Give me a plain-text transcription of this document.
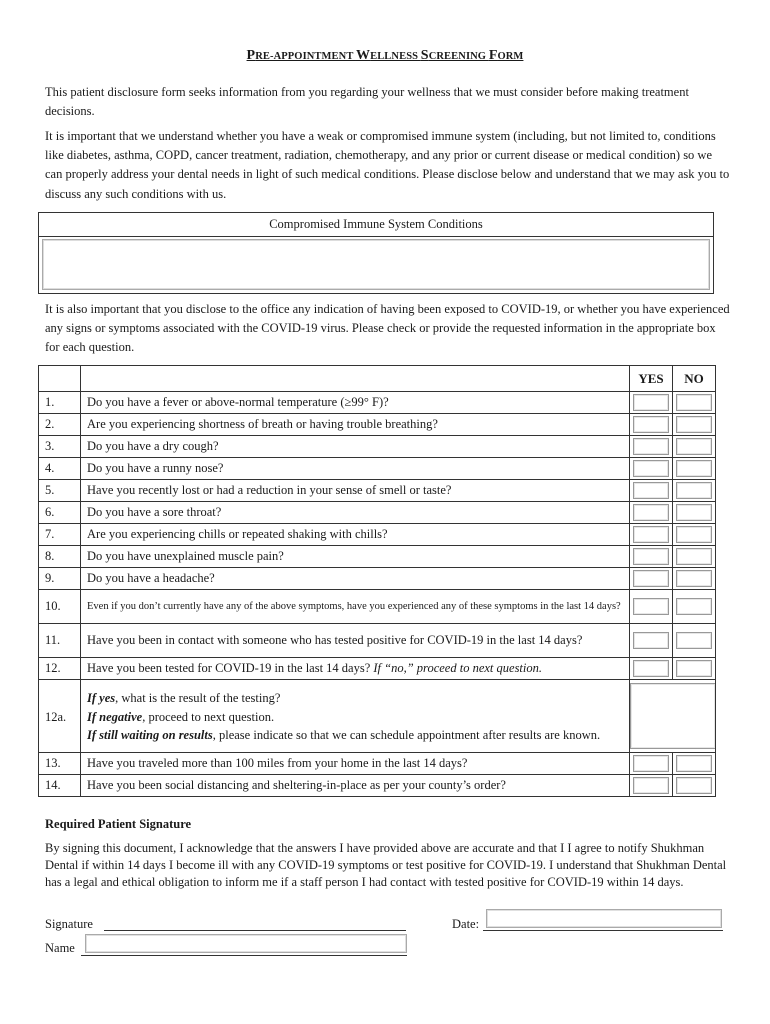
PRE-APPOINTMENT WELLNESS SCREENING FORM

This patient disclosure form seeks information from you regarding your wellness that we must consider before making treatment decisions.

It is important that we understand whether you have a weak or compromised immune system (including, but not limited to, conditions like diabetes, asthma, COPD, cancer treatment, radiation, chemotherapy, and any prior or current disease or medical condition) so we can properly address your dental needs in light of such medical conditions. Please disclose below and understand that we may ask you to discuss any such conditions with us.

Compromised Immune System Conditions

It is also important that you disclose to the office any indication of having been exposed to COVID-19, or whether you have experienced any signs or symptoms associated with the COVID-19 virus. Please check or provide the requested information in the appropriate box for each question.

		YES	NO
1.	Do you have a fever or above-normal temperature (≥99° F)?		
2.	Are you experiencing shortness of breath or having trouble breathing?		
3.	Do you have a dry cough?		
4.	Do you have a runny nose?		
5.	Have you recently lost or had a reduction in your sense of smell or taste?		
6.	Do you have a sore throat?		
7.	Are you experiencing chills or repeated shaking with chills?		
8.	Do you have unexplained muscle pain?		
9.	Do you have a headache?		
10.	Even if you don’t currently have any of the above symptoms, have you experienced any of these symptoms in the last 14 days?		
11.	Have you been in contact with someone who has tested positive for COVID-19 in the last 14 days?		
12.	Have you been tested for COVID-19 in the last 14 days? If “no,” proceed to next question.		
12a.	If yes, what is the result of the testing?
If negative, proceed to next question.
If still waiting on results, please indicate so that we can schedule appointment after results are known.		

13.	Have you traveled more than 100 miles from your home in the last 14 days?		
14.	Have you been social distancing and sheltering-in-place as per your county’s order?		
Required Patient Signature

By signing this document, I acknowledge that the answers I have provided above are accurate and that I I agree to notify Shukhman Dental if within 14 days I become ill with any COVID-19 symptoms or test positive for COVID-19. I understand that Shukhman Dental has a legal and ethical obligation to inform me if a staff person I had contact with tested positive for COVID-19 within 14 days.

Signature	Date:
Name
